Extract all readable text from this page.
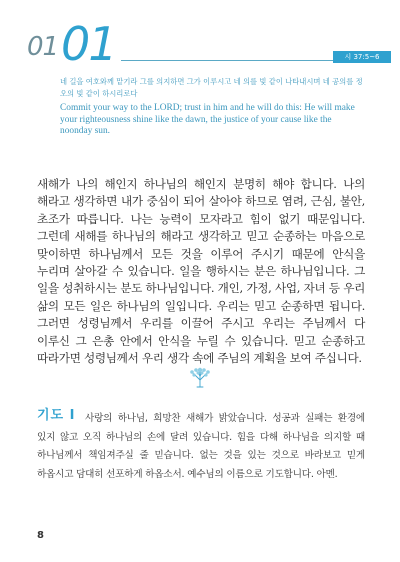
01 01	시 37:5~6
네 길을 여호와께 맡기라 그를 의지하면 그가 이루시고 네 의를 빛 같이 나타내시며 네 공의를 정오의 빛 같이 하시리로다
Commit your way to the LORD; trust in him and he will do this: He will make your righteousness shine like the dawn, the justice of your cause like the noonday sun.
새해가 나의 해인지 하나님의 해인지 분명히 해야 합니다. 나의 해라고 생각하면 내가 중심이 되어 살아야 하므로 염려, 근심, 불안, 초조가 따릅니다. 나는 능력이 모자라고 힘이 없기 때문입니다. 그런데 새해를 하나님의 해라고 생각하고 믿고 순종하는 마음으로 맞이하면 하나님께서 모든 것을 이루어 주시기 때문에 안식을 누리며 살아갈 수 있습니다. 일을 행하시는 분은 하나님입니다. 그 일을 성취하시는 분도 하나님입니다. 개인, 가정, 사업, 자녀 등 우리 삶의 모든 일은 하나님의 일입니다. 우리는 믿고 순종하면 됩니다. 그러면 성령님께서 우리를 이끌어 주시고 우리는 주님께서 다 이루신 그 은총 안에서 안식을 누릴 수 있습니다. 믿고 순종하고 따라가면 성령님께서 우리 생각 속에 주님의 계획을 보여 주십니다.
기도 I 사랑의 하나님, 희망찬 새해가 밝았습니다. 성공과 실패는 환경에 있지 않고 오직 하나님의 손에 달려 있습니다. 힘을 다해 하나님을 의지할 때 하나님께서 책임져주실 줄 믿습니다. 없는 것을 있는 것으로 바라보고 믿게 하옵시고 담대히 선포하게 하옵소서. 예수님의 이름으로 기도합니다. 아멘.
8
